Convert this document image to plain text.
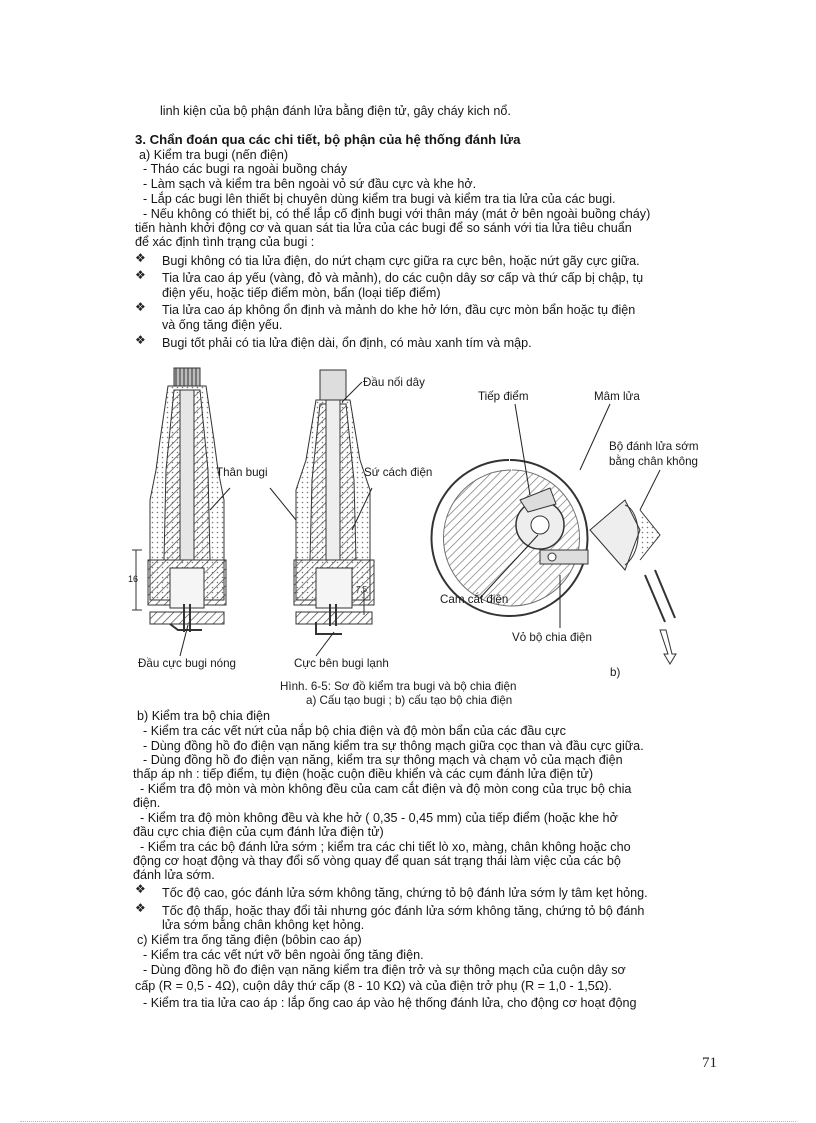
linh kiện của bộ phận đánh lửa bằng điện tử, gây cháy kich nổ.
3. Chẩn đoán qua các chi tiết, bộ phận của hệ thống đánh lửa
a) Kiểm tra bugi (nến điện)
- Tháo các bugi ra ngoài buồng cháy
- Làm sạch và kiểm tra bên ngoài vỏ sứ đầu cực và khe hở.
- Lắp các bugi lên thiết bị chuyên dùng kiểm tra bugi và kiểm tra tia lửa của các bugi.
- Nếu không có thiết bị, có thể lắp cố định bugi với thân máy (mát ở bên ngoài buồng cháy)
tiến hành khởi động cơ và quan sát tia lửa của các bugi để so sánh với tia lửa tiêu chuẩn
để xác định tình trạng của bugi :
❖ Bugi không có tia lửa điện, do nứt chạm cực giữa ra cực bên, hoặc nứt gãy cực giữa.
❖ Tia lửa cao áp yếu (vàng, đỏ và mảnh), do các cuộn dây sơ cấp và thứ cấp bị chập, tụ
điện yếu, hoặc tiếp điểm mòn, bẩn (loại tiếp điểm)
❖ Tia lửa cao áp không ổn định và mảnh do khe hở lớn, đầu cực mòn bẩn hoặc tụ điện
và ống tăng điện yếu.
❖ Bugi tốt phải có tia lửa điện dài, ổn định, có màu xanh tím và mập.
16
7,5
Đầu nối dây
Tiếp điểm	Mâm lửa
Bộ đánh lửa sớm
bằng chân không
Thân bugi	Sứ cách điện
Cam cắt điện
Vỏ bộ chia điện
Đầu cực bugi nóng	Cực bên bugi lạnh
b)
Hình. 6-5: Sơ đồ kiểm tra bugi và bộ chia điện
a) Cấu tạo bugi ; b) cấu tạo bộ chia điện
b) Kiểm tra bộ chia điện
- Kiểm tra các vết nứt của nắp bộ chia điện và độ mòn bẩn của các đầu cực
- Dùng đồng hồ đo điện vạn năng kiểm tra sự thông mạch giữa cọc than và đầu cực giữa.
- Dùng đồng hồ đo điện vạn năng, kiểm tra sự thông mạch và chạm vỏ của mạch điện
thấp áp nh : tiếp điểm, tụ điện (hoặc cuộn điều khiển và các cụm đánh lửa điện tử)
- Kiểm tra độ mòn và mòn không đều của cam cắt điện và độ mòn cong của trục bộ chia
điện.
- Kiểm tra độ mòn không đều và khe hở ( 0,35 - 0,45 mm) của tiếp điểm (hoặc khe hở
đầu cực chia điện của cụm đánh lửa điện tử)
- Kiểm tra các bộ đánh lửa sớm ; kiểm tra các chi tiết lò xo, màng, chân không hoặc cho
động cơ hoạt động và thay đổi số vòng quay để quan sát trạng thái làm việc của các bộ
đánh lửa sớm.
❖ Tốc độ cao, góc đánh lửa sớm không tăng, chứng tỏ bộ đánh lửa sớm ly tâm kẹt hỏng.
❖ Tốc độ thấp, hoặc thay đổi tải nhưng góc đánh lửa sớm không tăng, chứng tỏ bộ đánh
lửa sớm bằng chân không kẹt hỏng.
c) Kiểm tra ống tăng điện (bôbin cao áp)
- Kiểm tra các vết nứt vỡ bên ngoài ống tăng điện.
- Dùng đồng hồ đo điện vạn năng kiểm tra điện trở và sự thông mạch của cuộn dây sơ
cấp (R = 0,5 - 4Ω), cuộn dây thứ cấp (8 - 10 KΩ) và của điện trở phụ (R = 1,0 - 1,5Ω).
- Kiểm tra tia lửa cao áp : lắp ống cao áp vào hệ thống đánh lửa, cho động cơ hoạt động
71
